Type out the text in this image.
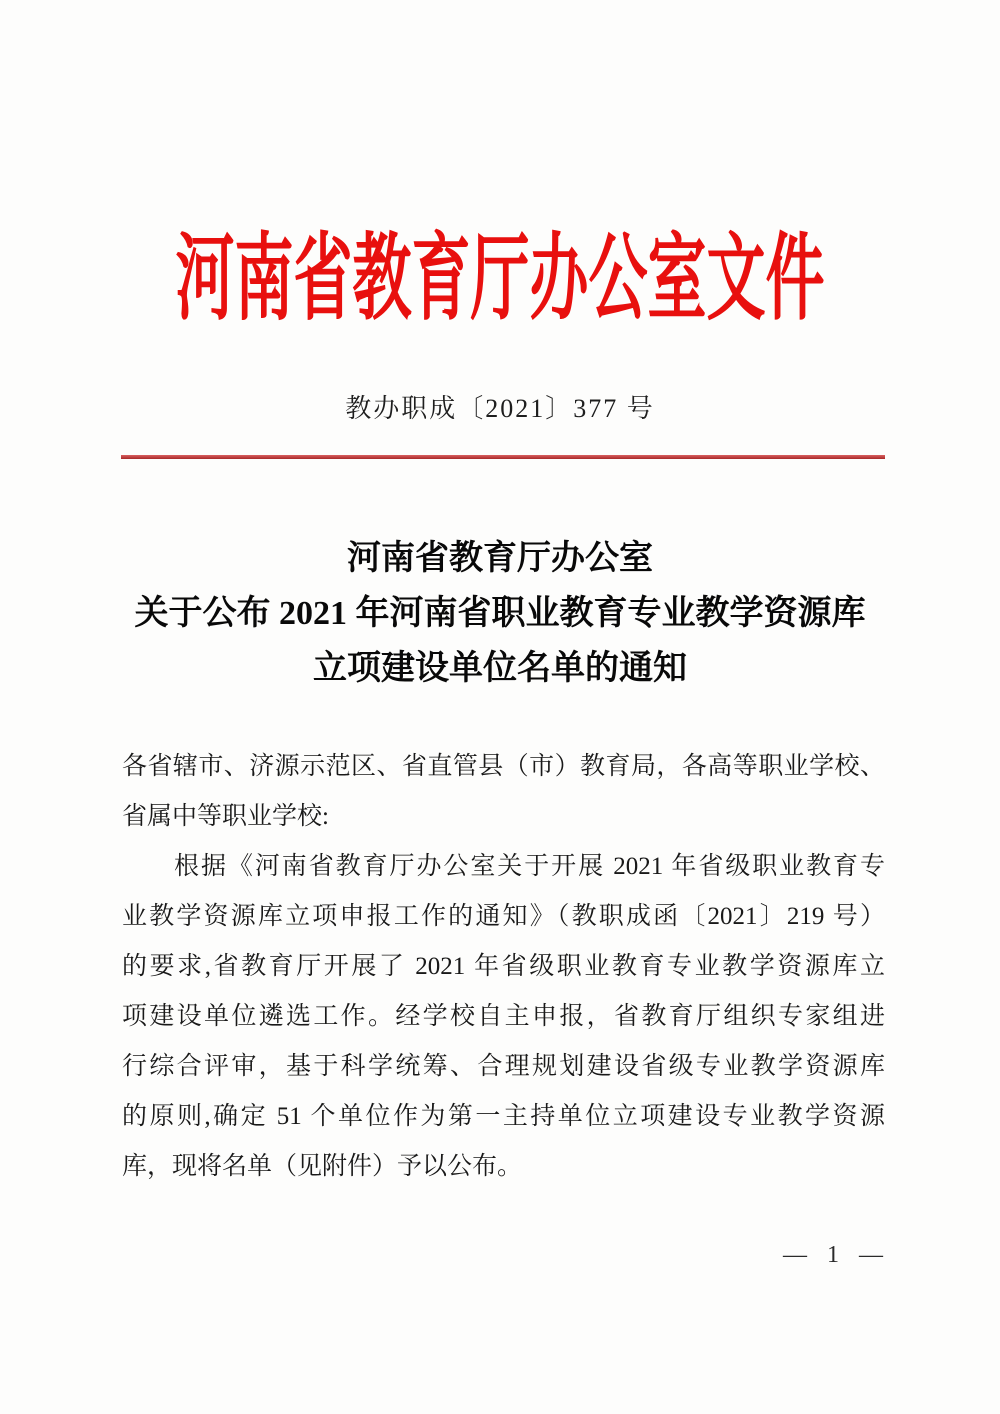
河南省教育厅办公室文件
教办职成〔2021〕377 号
河南省教育厅办公室
关于公布 2021 年河南省职业教育专业教学资源库
立项建设单位名单的通知
各省辖市、济源示范区、省直管县（市）教育局，各高等职业学校、
省属中等职业学校:
根据《河南省教育厅办公室关于开展 2021 年省级职业教育专
业教学资源库立项申报工作的通知》（教职成函〔2021〕219 号）
的要求,省教育厅开展了 2021 年省级职业教育专业教学资源库立
项建设单位遴选工作。经学校自主申报，省教育厅组织专家组进
行综合评审，基于科学统筹、合理规划建设省级专业教学资源库
的原则,确定 51 个单位作为第一主持单位立项建设专业教学资源
库，现将名单（见附件）予以公布。
— 1 —
